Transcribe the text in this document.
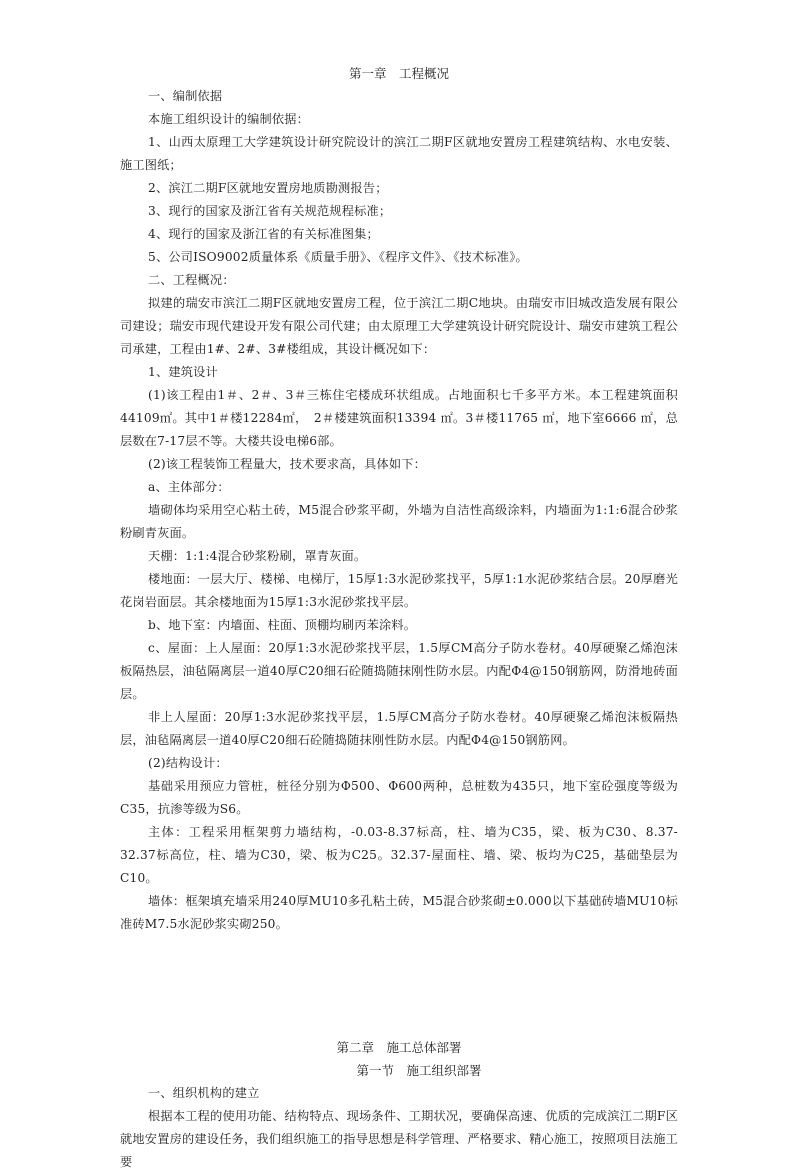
第一章　工程概况
一、编制依据
本施工组织设计的编制依据：
1、山西太原理工大学建筑设计研究院设计的滨江二期F区就地安置房工程建筑结构、水电安装、施工图纸；
2、滨江二期F区就地安置房地质勘测报告；
3、现行的国家及浙江省有关规范规程标准；
4、现行的国家及浙江省的有关标准图集；
5、公司ISO9002质量体系《质量手册》、《程序文件》、《技术标准》。
二、工程概况：
拟建的瑞安市滨江二期F区就地安置房工程，位于滨江二期C地块。由瑞安市旧城改造发展有限公司建设；瑞安市现代建设开发有限公司代建；由太原理工大学建筑设计研究院设计、瑞安市建筑工程公司承建，工程由1#、2#、3#楼组成，其设计概况如下：
1、建筑设计
(1)该工程由1＃、2＃、3＃三栋住宅楼成环状组成。占地面积七千多平方米。本工程建筑面积44109㎡。其中1＃楼12284㎡，　2＃楼建筑面积13394 ㎡。3＃楼11765 ㎡，地下室6666 ㎡，总层数在7-17层不等。大楼共设电梯6部。
(2)该工程装饰工程量大，技术要求高，具体如下：
a、主体部分：
墙砌体均采用空心粘土砖，M5混合砂浆平砌，外墙为自洁性高级涂料，内墙面为1:1:6混合砂浆粉刷青灰面。
天棚：1:1:4混合砂浆粉刷，罩青灰面。
楼地面：一层大厅、楼梯、电梯厅，15厚1:3水泥砂浆找平，5厚1:1水泥砂浆结合层。20厚磨光花岗岩面层。其余楼地面为15厚1:3水泥砂浆找平层。
b、地下室：内墙面、柱面、顶棚均刷丙苯涂料。
c、屋面：上人屋面：20厚1:3水泥砂浆找平层，1.5厚CM高分子防水卷材。40厚硬聚乙烯泡沫板隔热层，油毡隔离层一道40厚C20细石砼随捣随抹刚性防水层。内配Φ4@150钢筋网，防滑地砖面层。
非上人屋面：20厚1:3水泥砂浆找平层，1.5厚CM高分子防水卷材。40厚硬聚乙烯泡沫板隔热层，油毡隔离层一道40厚C20细石砼随捣随抹刚性防水层。内配Φ4@150钢筋网。
(2)结构设计：
基础采用预应力管桩，桩径分别为Φ500、Φ600两种，总桩数为435只，地下室砼强度等级为C35，抗渗等级为S6。
主体：工程采用框架剪力墙结构，-0.03-8.37标高，柱、墙为C35，梁、板为C30、8.37-32.37标高位，柱、墙为C30，梁、板为C25。32.37-屋面柱、墙、梁、板均为C25，基础垫层为C10。
墙体：框架填充墙采用240厚MU10多孔粘土砖，M5混合砂浆砌±0.000以下基础砖墙MU10标准砖M7.5水泥砂浆实砌250。
第二章　施工总体部署
第一节　施工组织部署
一、组织机构的建立
根据本工程的使用功能、结构特点、现场条件、工期状况，要确保高速、优质的完成滨江二期F区就地安置房的建设任务，我们组织施工的指导思想是科学管理、严格要求、精心施工，按照项目法施工要
